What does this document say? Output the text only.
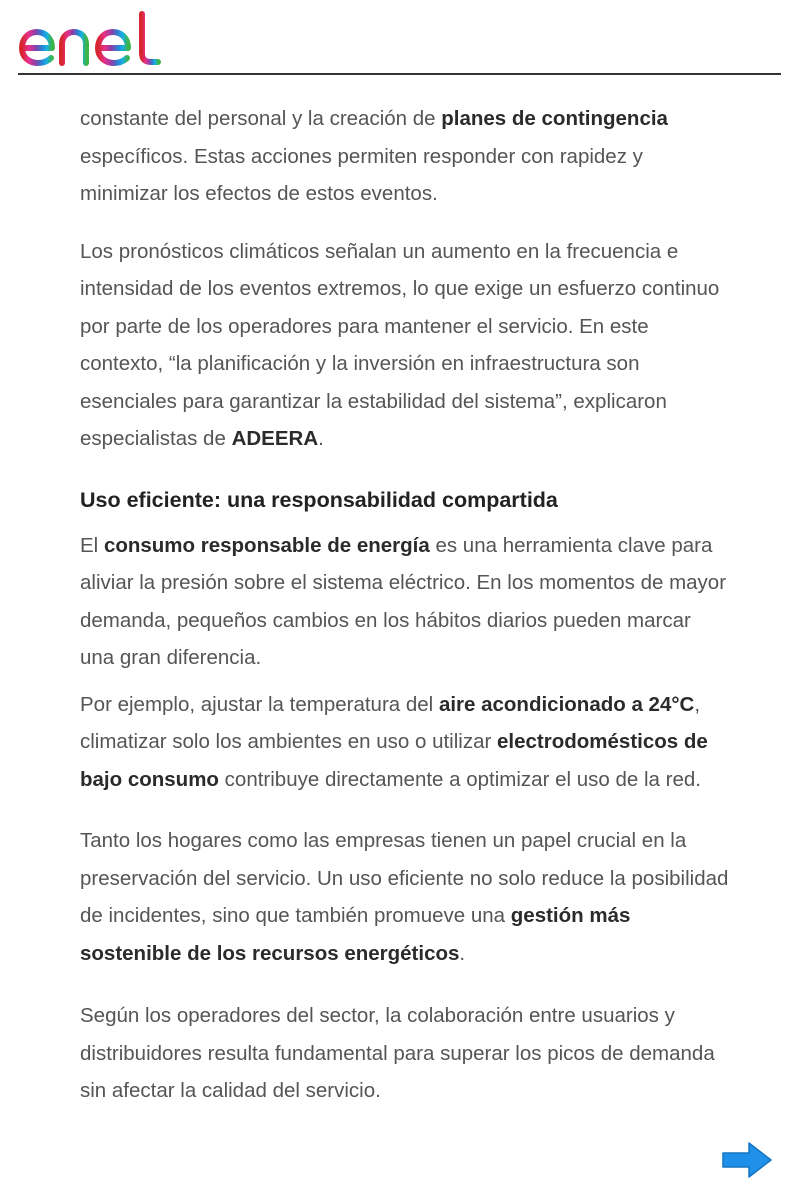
constante del personal y la creación de planes de contingencia específicos. Estas acciones permiten responder con rapidez y minimizar los efectos de estos eventos.

Los pronósticos climáticos señalan un aumento en la frecuencia e intensidad de los eventos extremos, lo que exige un esfuerzo continuo por parte de los operadores para mantener el servicio. En este contexto, “la planificación y la inversión en infraestructura son esenciales para garantizar la estabilidad del sistema”, explicaron especialistas de ADEERA.

Uso eficiente: una responsabilidad compartida

El consumo responsable de energía es una herramienta clave para aliviar la presión sobre el sistema eléctrico. En los momentos de mayor demanda, pequeños cambios en los hábitos diarios pueden marcar una gran diferencia.

Por ejemplo, ajustar la temperatura del aire acondicionado a 24°C, climatizar solo los ambientes en uso o utilizar electrodomésticos de bajo consumo contribuye directamente a optimizar el uso de la red.

Tanto los hogares como las empresas tienen un papel crucial en la preservación del servicio. Un uso eficiente no solo reduce la posibilidad de incidentes, sino que también promueve una gestión más sostenible de los recursos energéticos.

Según los operadores del sector, la colaboración entre usuarios y distribuidores resulta fundamental para superar los picos de demanda sin afectar la calidad del servicio.
